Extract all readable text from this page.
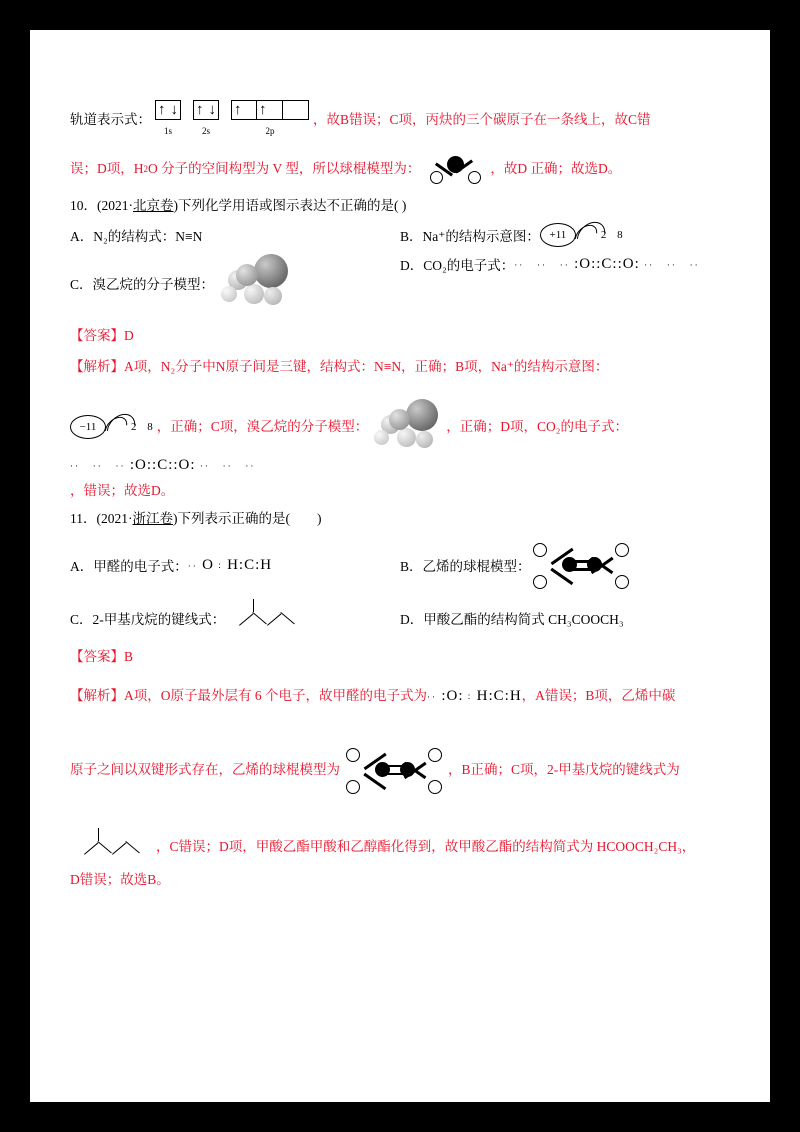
轨道表示式：
↑ ↓
1s
↑ ↓
2s
↑ ↑
2p
，故B错误；C项，丙炔的三个碳原子在一条线上，故C错
误；D项，H 2 O 分子的空间构型为 V 型，所以球棍模型为：	，故D 正确；故选D。
10．(2021· 北京卷 )下列化学用语或图示表达不正确的是( )
A． N₂的结构式：N≡N	B． Na⁺的结构示意图： +11	2 8
C． 溴乙烷的分子模型：
D． CO₂的电子式： ··   ··   ·· :O::C::O: ··   ··   ··
【答案】D
【解析】A项，N₂分子中N原子间是三键，结构式：N≡N，正确；B项，Na⁺的结构示意图：
−11	2 8 ，正确；C项，溴乙烷的分子模型：	，正确；D项，CO₂的电子式：
··   ··   ·· :O::C::O: ··   ··   ··
，错误；故选D。
11．(2021· 浙江卷 )下列表示正确的是(　　)
A． 甲醛的电子式： ·· O ∶ H:C:H	B． 乙烯的球棍模型：
C． 2-甲基戊烷的键线式：	D． 甲酸乙酯的结构简式 CH₃COOCH₃
【答案】B
【解析】 A项，O原子最外层有 6 个电子，故甲醛的电子式为 ·· :O: ∶ H:C:H ，A错误；B项，乙烯中碳
原子之间以双键形式存在，乙烯的球棍模型为	，B正确；C项，2-甲基戊烷的键线式为
，C错误；D项，甲酸乙酯甲酸和乙醇酯化得到，故甲酸乙酯的结构简式为 HCOOCH₂CH₃，
D错误；故选B。
